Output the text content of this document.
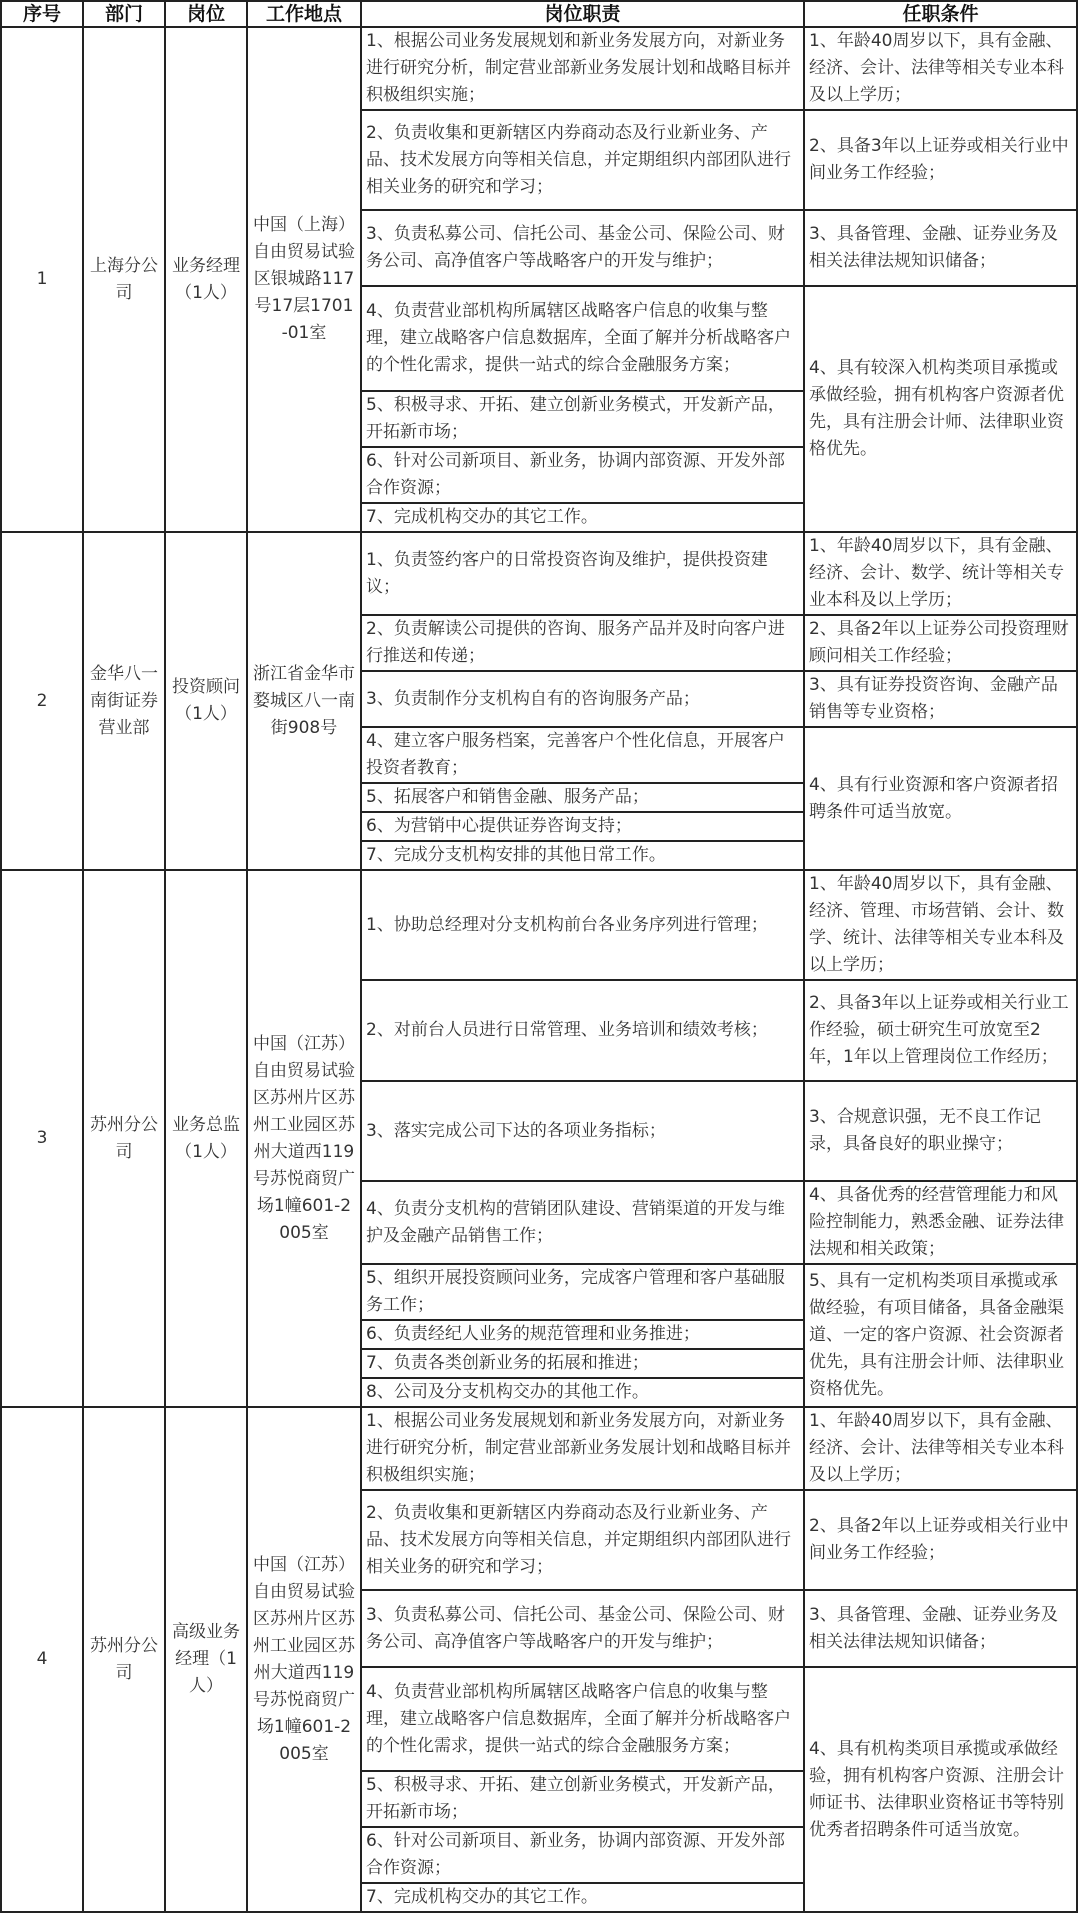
序号	部门	岗位	工作地点	岗位职责	任职条件
1	上海分公司	业务经理（1人）	中国（上海）自由贸易试验区银城路117号17层1701-01室	1、根据公司业务发展规划和新业务发展方向，对新业务进行研究分析，制定营业部新业务发展计划和战略目标并积极组织实施；	1、年龄40周岁以下，具有金融、经济、会计、法律等相关专业本科及以上学历；
				2、负责收集和更新辖区内券商动态及行业新业务、产品、技术发展方向等相关信息，并定期组织内部团队进行相关业务的研究和学习；	2、具备3年以上证券或相关行业中间业务工作经验；
				3、负责私募公司、信托公司、基金公司、保险公司、财务公司、高净值客户等战略客户的开发与维护；	3、具备管理、金融、证券业务及相关法律法规知识储备；
				4、负责营业部机构所属辖区战略客户信息的收集与整理，建立战略客户信息数据库，全面了解并分析战略客户的个性化需求，提供一站式的综合金融服务方案；	4、具有较深入机构类项目承揽或承做经验，拥有机构客户资源者优先，具有注册会计师、法律职业资格优先。
				5、积极寻求、开拓、建立创新业务模式，开发新产品，开拓新市场；	
				6、针对公司新项目、新业务，协调内部资源、开发外部合作资源；	
				7、完成机构交办的其它工作。	
2	金华八一南街证券营业部	投资顾问（1人）	浙江省金华市婺城区八一南街908号	1、负责签约客户的日常投资咨询及维护，提供投资建议；	1、年龄40周岁以下，具有金融、经济、会计、数学、统计等相关专业本科及以上学历；
				2、负责解读公司提供的咨询、服务产品并及时向客户进行推送和传递；	2、具备2年以上证券公司投资理财顾问相关工作经验；
				3、负责制作分支机构自有的咨询服务产品；	3、具有证券投资咨询、金融产品销售等专业资格；
				4、建立客户服务档案，完善客户个性化信息，开展客户投资者教育；	4、具有行业资源和客户资源者招聘条件可适当放宽。
				5、拓展客户和销售金融、服务产品；	
				6、为营销中心提供证券咨询支持；	
				7、完成分支机构安排的其他日常工作。	
3	苏州分公司	业务总监（1人）	中国（江苏）自由贸易试验区苏州片区苏州工业园区苏州大道西119号苏悦商贸广场1幢601-2005室	1、协助总经理对分支机构前台各业务序列进行管理；	1、年龄40周岁以下，具有金融、经济、管理、市场营销、会计、数学、统计、法律等相关专业本科及以上学历；
				2、对前台人员进行日常管理、业务培训和绩效考核；	2、具备3年以上证券或相关行业工作经验，硕士研究生可放宽至2年，1年以上管理岗位工作经历；
				3、落实完成公司下达的各项业务指标；	3、合规意识强，无不良工作记录，具备良好的职业操守；
				4、负责分支机构的营销团队建设、营销渠道的开发与维护及金融产品销售工作；	4、具备优秀的经营管理能力和风险控制能力，熟悉金融、证券法律法规和相关政策；
				5、组织开展投资顾问业务，完成客户管理和客户基础服务工作；	5、具有一定机构类项目承揽或承做经验，有项目储备，具备金融渠道、一定的客户资源、社会资源者优先，具有注册会计师、法律职业资格优先。
				6、负责经纪人业务的规范管理和业务推进；	
				7、负责各类创新业务的拓展和推进；	
				8、公司及分支机构交办的其他工作。	
4	苏州分公司	高级业务经理（1人）	中国（江苏）自由贸易试验区苏州片区苏州工业园区苏州大道西119号苏悦商贸广场1幢601-2005室	1、根据公司业务发展规划和新业务发展方向，对新业务进行研究分析，制定营业部新业务发展计划和战略目标并积极组织实施；	1、年龄40周岁以下，具有金融、经济、会计、法律等相关专业本科及以上学历；
				2、负责收集和更新辖区内券商动态及行业新业务、产品、技术发展方向等相关信息，并定期组织内部团队进行相关业务的研究和学习；	2、具备2年以上证券或相关行业中间业务工作经验；
				3、负责私募公司、信托公司、基金公司、保险公司、财务公司、高净值客户等战略客户的开发与维护；	3、具备管理、金融、证券业务及相关法律法规知识储备；
				4、负责营业部机构所属辖区战略客户信息的收集与整理，建立战略客户信息数据库，全面了解并分析战略客户的个性化需求，提供一站式的综合金融服务方案；	4、具有机构类项目承揽或承做经验，拥有机构客户资源、注册会计师证书、法律职业资格证书等特别优秀者招聘条件可适当放宽。
				5、积极寻求、开拓、建立创新业务模式，开发新产品，开拓新市场；	
				6、针对公司新项目、新业务，协调内部资源、开发外部合作资源；	
				7、完成机构交办的其它工作。	
